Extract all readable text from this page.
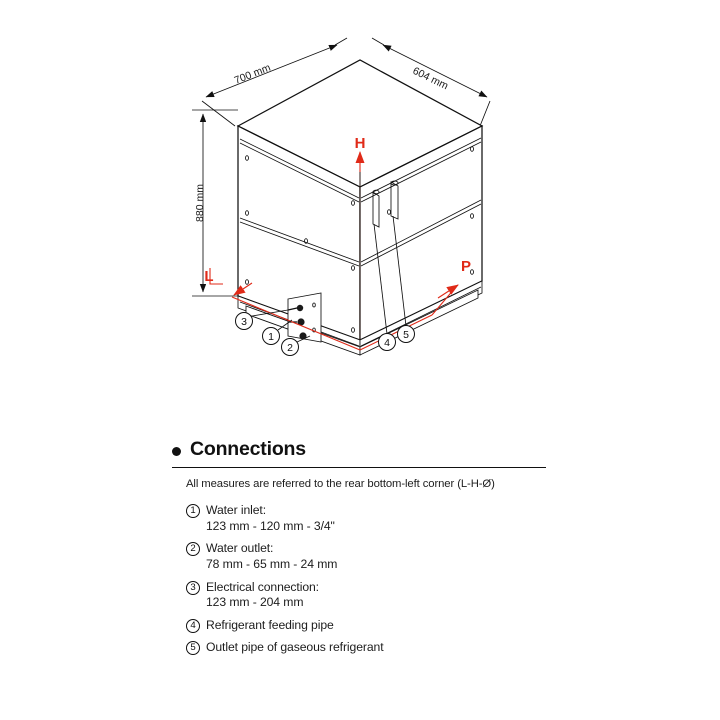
700 mm	604 mm
880 mm
H
L
P
3
1
2	4
5
Connections
All measures are referred to the rear bottom-left corner (L-H-Ø)
1 Water inlet:
123 mm - 120 mm - 3/4"
2 Water outlet:
78 mm - 65 mm - 24 mm
3 Electrical connection:
123 mm - 204 mm
4 Refrigerant feeding pipe
5 Outlet pipe of gaseous refrigerant
